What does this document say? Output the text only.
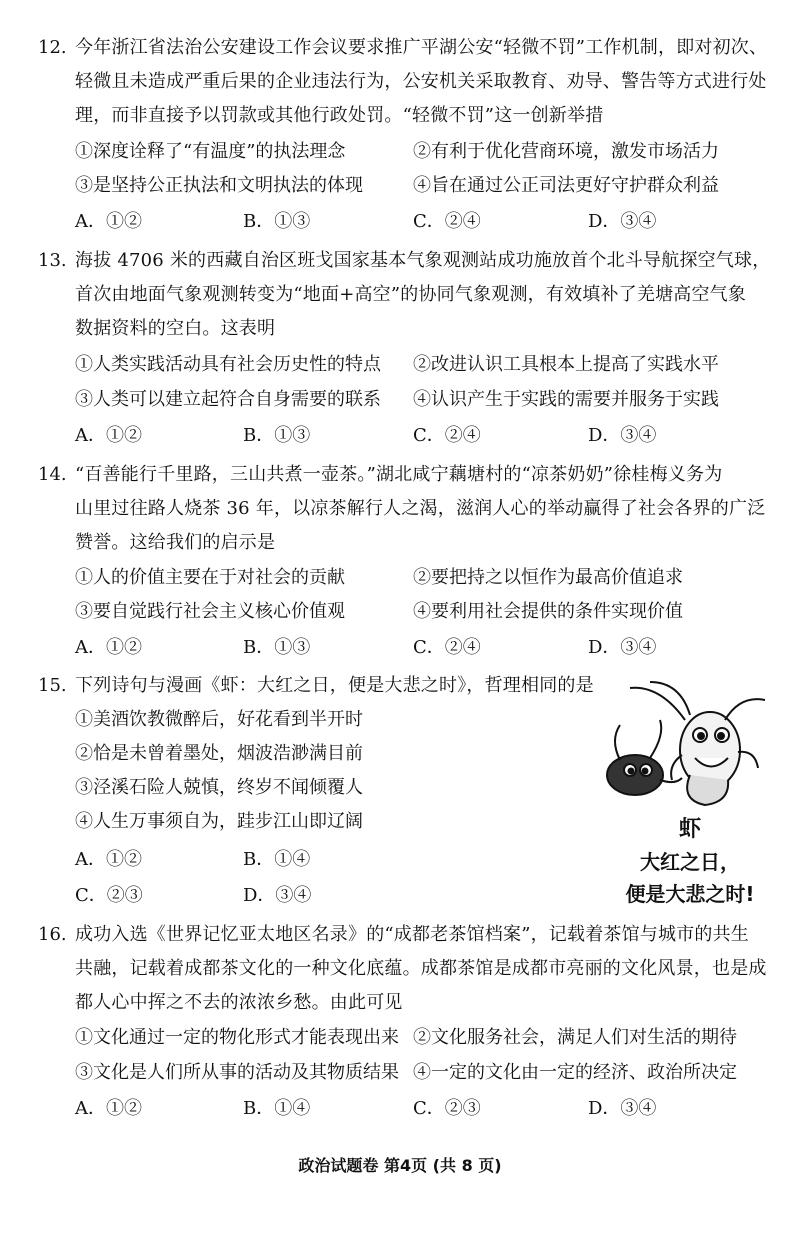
12. 今年浙江省法治公安建设工作会议要求推广平湖公安“轻微不罚”工作机制，即对初次、
轻微且未造成严重后果的企业违法行为，公安机关采取教育、劝导、警告等方式进行处
理，而非直接予以罚款或其他行政处罚。“轻微不罚”这一创新举措
①深度诠释了“有温度”的执法理念	②有利于优化营商环境，激发市场活力
③是坚持公正执法和文明执法的体现	④旨在通过公正司法更好守护群众利益
A．①②	B．①③	C．②④	D．③④
13. 海拔 4706 米的西藏自治区班戈国家基本气象观测站成功施放首个北斗导航探空气球，
首次由地面气象观测转变为“地面+高空”的协同气象观测，有效填补了羌塘高空气象
数据资料的空白。这表明
①人类实践活动具有社会历史性的特点 ②改进认识工具根本上提高了实践水平
③人类可以建立起符合自身需要的联系 ④认识产生于实践的需要并服务于实践
A．①②	B．①③	C．②④	D．③④
14. “百善能行千里路，三山共煮一壶茶。”湖北咸宁藕塘村的“凉茶奶奶”徐桂梅义务为
山里过往路人烧茶 36 年，以凉茶解行人之渴，滋润人心的举动赢得了社会各界的广泛
赞誉。这给我们的启示是
①人的价值主要在于对社会的贡献	②要把持之以恒作为最高价值追求
③要自觉践行社会主义核心价值观	④要利用社会提供的条件实现价值
A．①②	B．①③	C．②④	D．③④
15. 下列诗句与漫画《虾：大红之日，便是大悲之时》，哲理相同的是
①美酒饮教微醉后，好花看到半开时
②恰是未曾着墨处，烟波浩渺满目前
③泾溪石险人兢慎，终岁不闻倾覆人
④人生万事须自为，跬步江山即辽阔
A．①②	B．①④
C．②③	D．③④
虾
大红之日，
便是大悲之时!
16. 成功入选《世界记忆亚太地区名录》的“成都老茶馆档案”，记载着茶馆与城市的共生
共融，记载着成都茶文化的一种文化底蕴。成都茶馆是成都市亮丽的文化风景，也是成
都人心中挥之不去的浓浓乡愁。由此可见
①文化通过一定的物化形式才能表现出来 ②文化服务社会，满足人们对生活的期待
③文化是人们所从事的活动及其物质结果 ④一定的文化由一定的经济、政治所决定
A．①②	B．①④	C．②③	D．③④
政治试题卷 第4页 (共 8 页)
